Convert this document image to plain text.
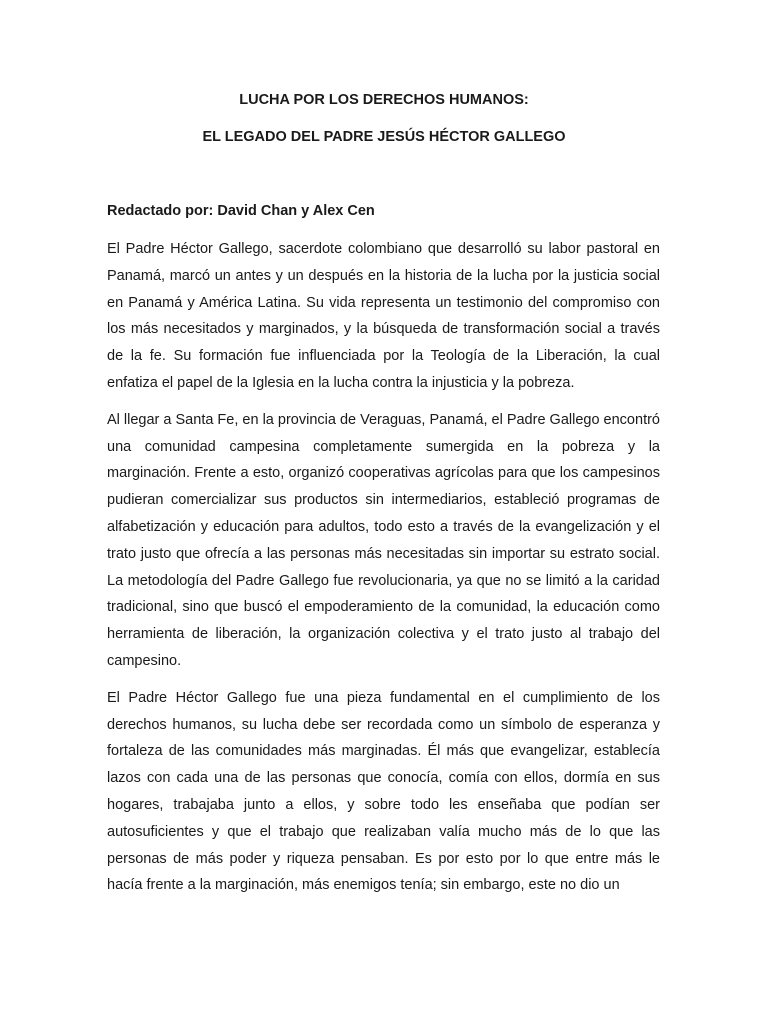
LUCHA POR LOS DERECHOS HUMANOS:
EL LEGADO DEL PADRE JESÚS HÉCTOR GALLEGO
Redactado por: David Chan y Alex Cen

El Padre Héctor Gallego, sacerdote colombiano que desarrolló su labor pastoral en Panamá, marcó un antes y un después en la historia de la lucha por la justicia social en Panamá y América Latina. Su vida representa un testimonio del compromiso con los más necesitados y marginados, y la búsqueda de transformación social a través de la fe. Su formación fue influenciada por la Teología de la Liberación, la cual enfatiza el papel de la Iglesia en la lucha contra la injusticia y la pobreza.

Al llegar a Santa Fe, en la provincia de Veraguas, Panamá, el Padre Gallego encontró una comunidad campesina completamente sumergida en la pobreza y la marginación. Frente a esto, organizó cooperativas agrícolas para que los campesinos pudieran comercializar sus productos sin intermediarios, estableció programas de alfabetización y educación para adultos, todo esto a través de la evangelización y el trato justo que ofrecía a las personas más necesitadas sin importar su estrato social. La metodología del Padre Gallego fue revolucionaria, ya que no se limitó a la caridad tradicional, sino que buscó el empoderamiento de la comunidad, la educación como herramienta de liberación, la organización colectiva y el trato justo al trabajo del campesino.

El Padre Héctor Gallego fue una pieza fundamental en el cumplimiento de los derechos humanos, su lucha debe ser recordada como un símbolo de esperanza y fortaleza de las comunidades más marginadas. Él más que evangelizar, establecía lazos con cada una de las personas que conocía, comía con ellos, dormía en sus hogares, trabajaba junto a ellos, y sobre todo les enseñaba que podían ser autosuficientes y que el trabajo que realizaban valía mucho más de lo que las personas de más poder y riqueza pensaban. Es por esto por lo que entre más le hacía frente a la marginación, más enemigos tenía; sin embargo, este no dio un
